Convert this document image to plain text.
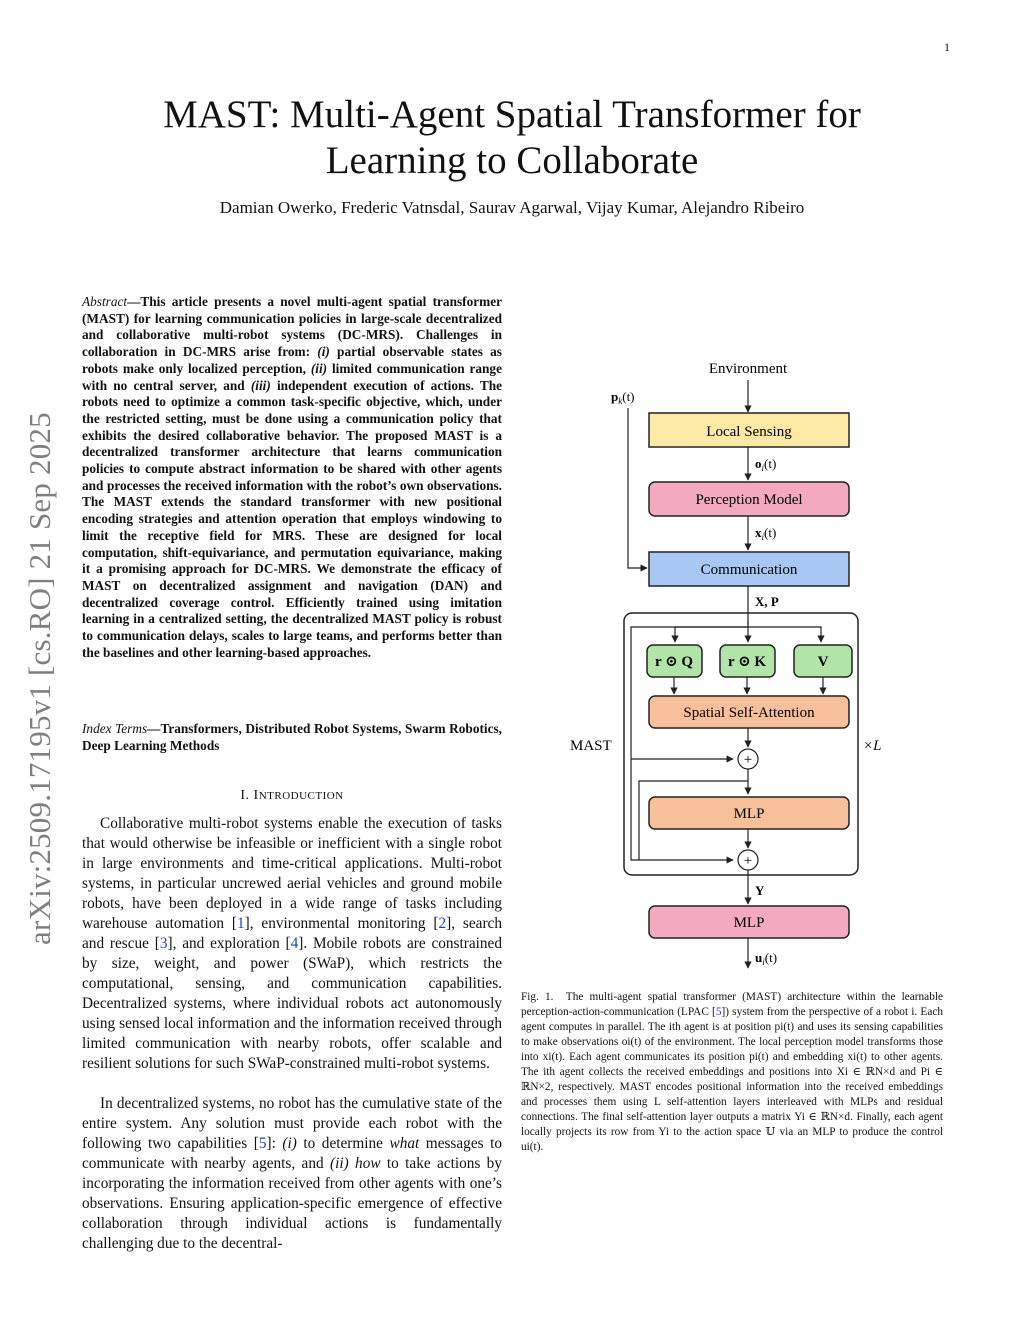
1
arXiv:2509.17195v1 [cs.RO] 21 Sep 2025
MAST: Multi-Agent Spatial Transformer for Learning to Collaborate
Damian Owerko, Frederic Vatnsdal, Saurav Agarwal, Vijay Kumar, Alejandro Ribeiro
Abstract—This article presents a novel multi-agent spatial transformer (MAST) for learning communication policies in large-scale decentralized and collaborative multi-robot systems (DC-MRS). Challenges in collaboration in DC-MRS arise from: (i) partial observable states as robots make only localized perception, (ii) limited communication range with no central server, and (iii) independent execution of actions. The robots need to optimize a common task-specific objective, which, under the restricted setting, must be done using a communication policy that exhibits the desired collaborative behavior. The proposed MAST is a decentralized transformer architecture that learns communication policies to compute abstract information to be shared with other agents and processes the received information with the robot’s own observations. The MAST extends the standard transformer with new positional encoding strategies and attention operation that employs windowing to limit the receptive field for MRS. These are designed for local computation, shift-equivariance, and permutation equivariance, making it a promising approach for DC-MRS. We demonstrate the efficacy of MAST on decentralized assignment and navigation (DAN) and decentralized coverage control. Efficiently trained using imitation learning in a centralized setting, the decentralized MAST policy is robust to communication delays, scales to large teams, and performs better than the baselines and other learning-based approaches.
Index Terms—Transformers, Distributed Robot Systems, Swarm Robotics, Deep Learning Methods
I. INTRODUCTION
Collaborative multi-robot systems enable the execution of tasks that would otherwise be infeasible or inefficient with a single robot in large environments and time-critical applications. Multi-robot systems, in particular uncrewed aerial vehicles and ground mobile robots, have been deployed in a wide range of tasks including warehouse automation [1], environmental monitoring [2], search and rescue [3], and exploration [4]. Mobile robots are constrained by size, weight, and power (SWaP), which restricts the computational, sensing, and communication capabilities. Decentralized systems, where individual robots act autonomously using sensed local information and the information received through limited communication with nearby robots, offer scalable and resilient solutions for such SWaP-constrained multi-robot systems.
In decentralized systems, no robot has the cumulative state of the entire system. Any solution must provide each robot with the following two capabilities [5]: (i) to determine what messages to communicate with nearby agents, and (ii) how to take actions by incorporating the information received from other agents with one’s observations. Ensuring application-specific emergence of effective collaboration through individual actions is fundamentally challenging due to the decentral-
Environment
$p_k(t)$
Local Sensing
$o_i(t)$
Perception Model
$x_i(t)$
Communication
X, P
MAST	×L
r ⊙ Q r ⊙ K	V
Spatial Self-Attention
+
MLP
+
Y
MLP
$u_i(t)$
Fig. 1. The multi-agent spatial transformer (MAST) architecture within the learnable perception-action-communication (LPAC [5]) system from the perspective of a robot i. Each agent computes in parallel. The ith agent is at position pi(t) and uses its sensing capabilities to make observations oi(t) of the environment. The local perception model transforms those into xi(t). Each agent communicates its position pi(t) and embedding xi(t) to other agents. The ith agent collects the received embeddings and positions into Xi ∈ ℝN×d and Pi ∈ ℝN×2, respectively. MAST encodes positional information into the received embeddings and processes them using L self-attention layers interleaved with MLPs and residual connections. The final self-attention layer outputs a matrix Yi ∈ ℝN×d. Finally, each agent locally projects its row from Yi to the action space 𝕌 via an MLP to produce the control ui(t).
